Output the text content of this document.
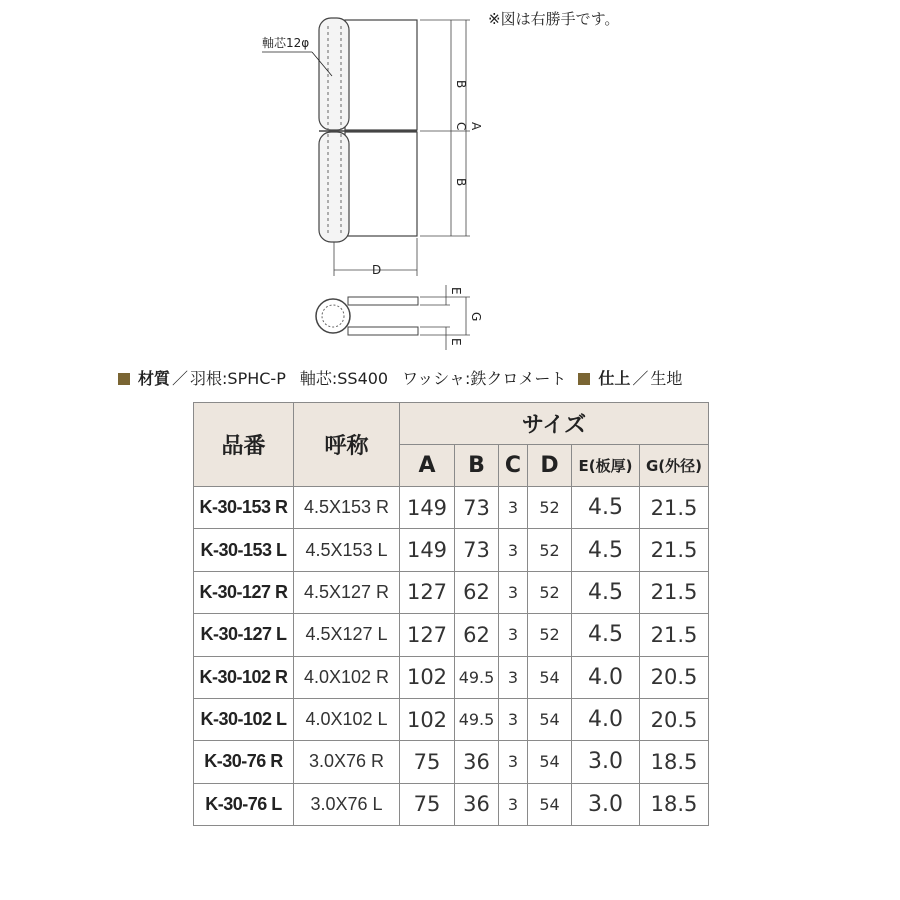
軸芯12φ
B
B
C A
D
E
E
G
※図は右勝手です。
材質 ／ 羽根:SPHC-P 軸芯:SS400 ワッシャ:鉄クロメート 仕上 ／ 生地
品番	呼称	サイズ					
		A	B	C	D	E(板厚)	G(外径)
K-30-153 R	4.5X153 R	149	73	3	52	4.5	21.5
K-30-153 L	4.5X153 L	149	73	3	52	4.5	21.5
K-30-127 R	4.5X127 R	127	62	3	52	4.5	21.5
K-30-127 L	4.5X127 L	127	62	3	52	4.5	21.5
K-30-102 R	4.0X102 R	102	49.5	3	54	4.0	20.5
K-30-102 L	4.0X102 L	102	49.5	3	54	4.0	20.5
K-30-76 R	3.0X76 R	75	36	3	54	3.0	18.5
K-30-76 L	3.0X76 L	75	36	3	54	3.0	18.5
